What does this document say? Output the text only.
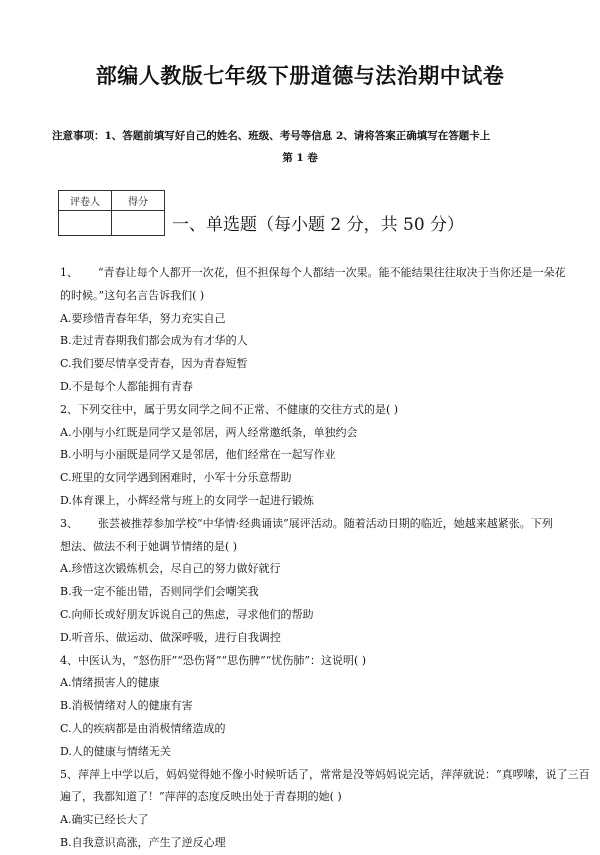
部编人教版七年级下册道德与法治期中试卷
注意事项：1、答题前填写好自己的姓名、班级、考号等信息 2、请将答案正确填写在答题卡上
第 1 卷
评卷人	得分

一、单选题（每小题 2 分，共 50 分）
1、 “青春让每个人都开一次花，但不担保每个人都结一次果。能不能结果往往取决于当你还是一朵花
的时候。”这句名言告诉我们( )
A.要珍惜青春年华，努力充实自己
B.走过青春期我们都会成为有才华的人
C.我们要尽情享受青春，因为青春短暂
D.不是每个人都能拥有青春
2、下列交往中，属于男女同学之间不正常、不健康的交往方式的是( )
A.小刚与小红既是同学又是邻居，两人经常邀纸条，单独约会
B.小明与小丽既是同学又是邻居，他们经常在一起写作业
C.班里的女同学遇到困难时，小军十分乐意帮助
D.体育课上，小辉经常与班上的女同学一起进行锻炼
3、 张芸被推荐参加学校“中华情·经典诵读”展评活动。随着活动日期的临近，她越来越紧张。下列
想法、做法不利于她调节情绪的是( )
A.珍惜这次锻炼机会，尽自己的努力做好就行
B.我一定不能出错，否则同学们会嘲笑我
C.向师长或好朋友诉说自己的焦虑，寻求他们的帮助
D.听音乐、做运动、做深呼吸，进行自我调控
4、中医认为，“怒伤肝”“恐伤肾”“思伤脾”“忧伤肺”：这说明( )
A.情绪损害人的健康
B.消极情绪对人的健康有害
C.人的疾病都是由消极情绪造成的
D.人的健康与情绪无关
5、萍萍上中学以后，妈妈觉得她不像小时候听话了，常常是没等妈妈说完话，萍萍就说：“真啰嗦，说了三百
遍了，我都知道了！”萍萍的态度反映出处于青春期的她( )
A.确实已经长大了
B.自我意识高涨，产生了逆反心理
